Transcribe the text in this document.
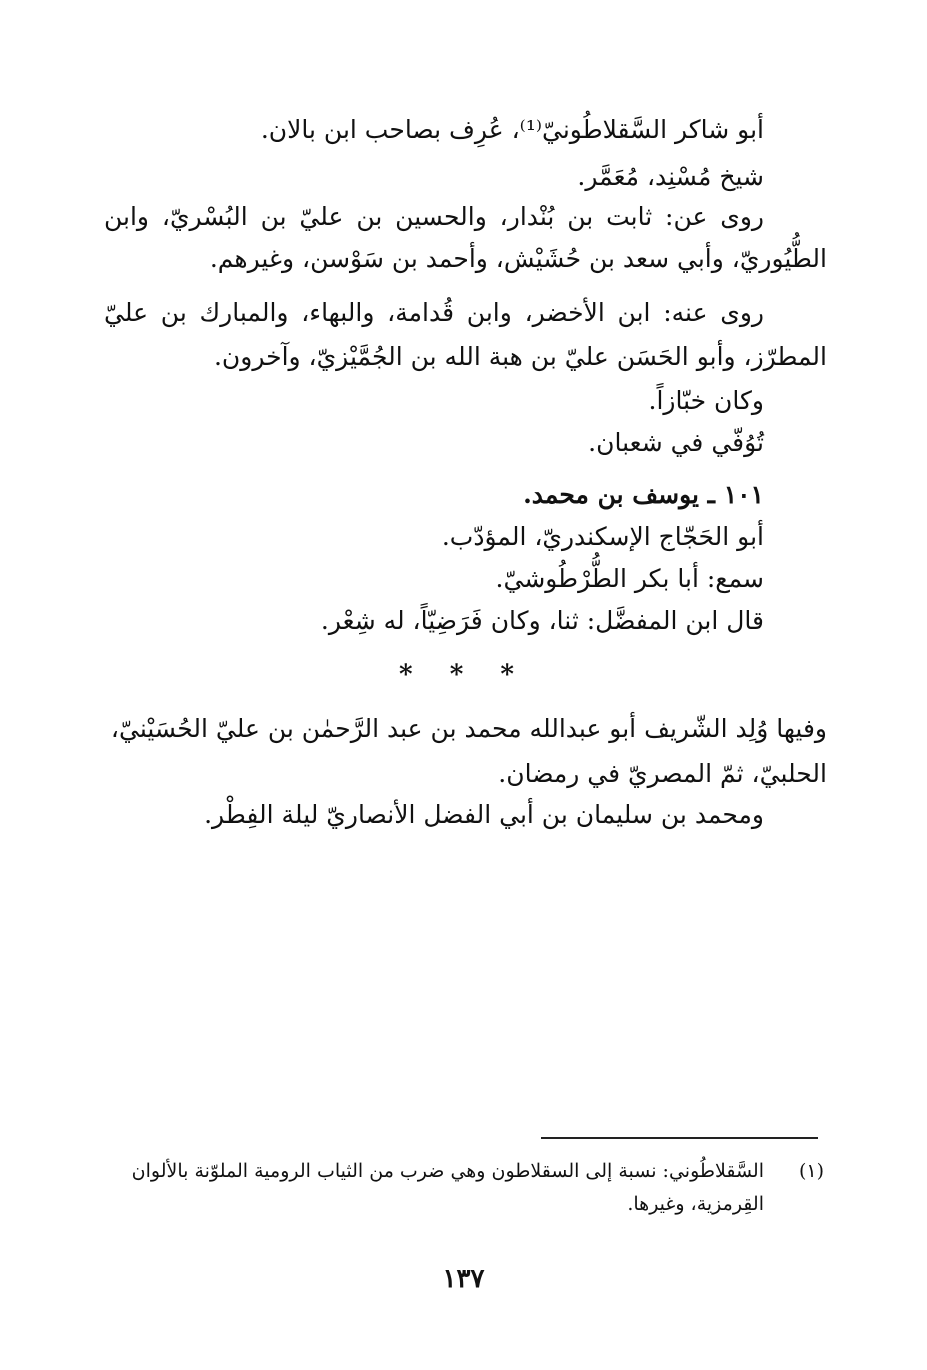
أبو شاكر السَّقلاطُونيّ⁽¹⁾، عُرِف بصاحب ابن بالان.
شيخ مُسْنِد، مُعَمَّر.
روى عن: ثابت بن بُنْدار، والحسين بن عليّ بن البُسْريّ، وابن
الطُّيُوريّ، وأبي سعد بن حُشَيْش، وأحمد بن سَوْسن، وغيرهم.
روى عنه: ابن الأخضر، وابن قُدامة، والبهاء، والمبارك بن عليّ
المطرّز، وأبو الحَسَن عليّ بن هبة الله بن الجُمَّيْزيّ، وآخرون.
وكان خبّازاً.
تُوُفّي في شعبان.
١٠١ ـ يوسف بن محمد.
أبو الحَجّاج الإسكندريّ، المؤدّب.
سمع: أبا بكر الطُّرْطُوشيّ.
قال ابن المفضَّل: ثنا، وكان فَرَضِيّاً، له شِعْر.
* * *
وفيها وُلِد الشّريف أبو عبدالله محمد بن عبد الرَّحمٰن بن عليّ الحُسَيْنيّ،
الحلبيّ، ثمّ المصريّ في رمضان.
ومحمد بن سليمان بن أبي الفضل الأنصاريّ ليلة الفِطْر.
(١)
السَّقلاطُوني: نسبة إلى السقلاطون وهي ضرب من الثياب الرومية الملوّنة بالألوان
القِرمزية، وغيرها.
١٣٧
